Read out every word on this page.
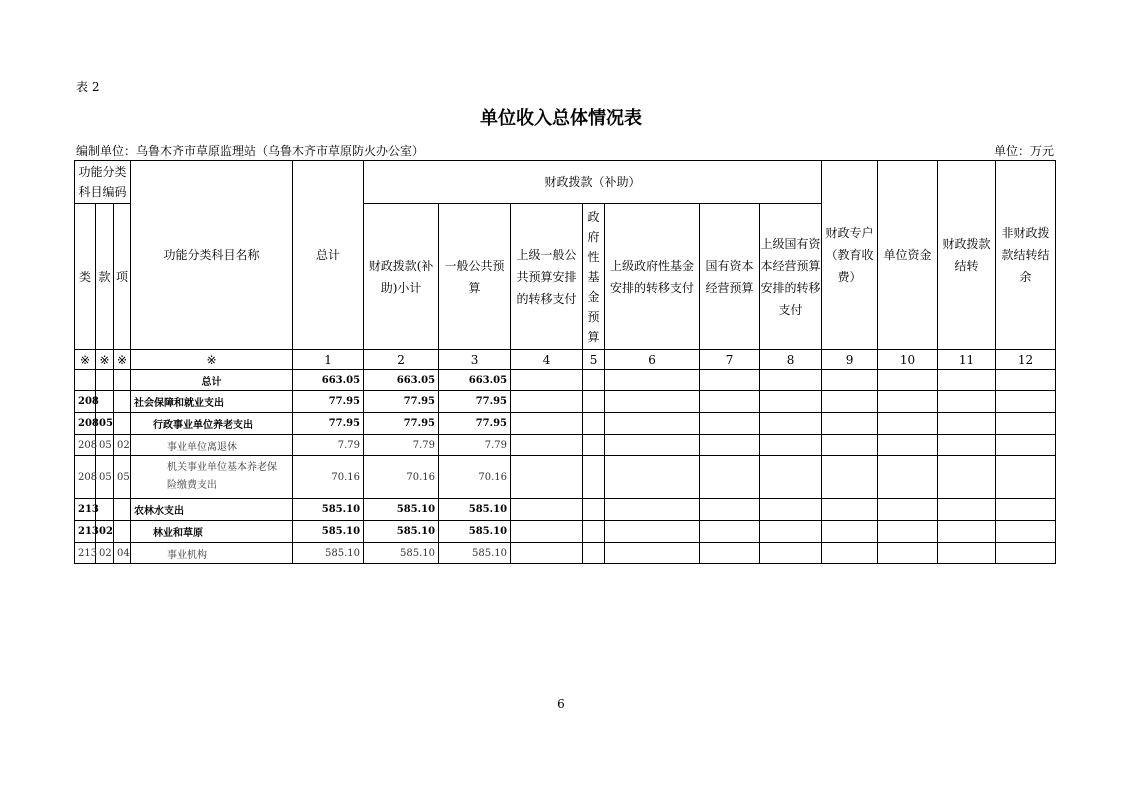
表 2
单位收入总体情况表
编制单位：乌鲁木齐市草原监理站（乌鲁木齐市草原防火办公室）	单位：万元
功能分类科目编码			功能分类科目名称	总计	财政拨款（补助）							财政专户（教育收费）	单位资金	财政拨款结转	非财政拨款结转结余
类	款	项			财政拨款(补助)小计	一般公共预算	上级一般公共预算安排的转移支付	政府性基金预算	上级政府性基金安排的转移支付	国有资本经营预算	上级国有资本经营预算安排的转移支付				
※	※	※	※	1	2	3	4	5	6	7	8	9	10	11	12
			总计	663.05	663.05	663.05									
208			社会保障和就业支出	77.95	77.95	77.95									
208	05		行政事业单位养老支出	77.95	77.95	77.95									
208	05	02	事业单位离退休	7.79	7.79	7.79									
208	05	05	机关事业单位基本养老保险缴费支出	70.16	70.16	70.16									
213			农林水支出	585.10	585.10	585.10									
213	02		林业和草原	585.10	585.10	585.10									
213	02	04	事业机构	585.10	585.10	585.10									
6
